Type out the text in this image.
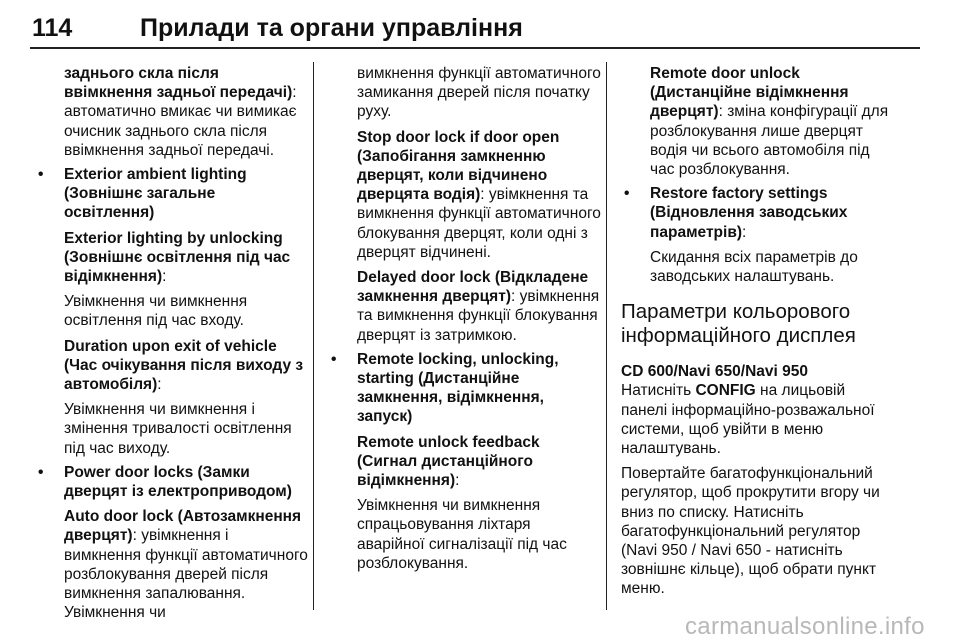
114	Прилади та органи управління
заднього скла після ввімкнення задньої передачі): автоматично вмикає чи вимикає очисник заднього скла після ввімкнення задньої передачі.
• Exterior ambient lighting (Зовнішнє загальне освітлення)
Exterior lighting by unlocking (Зовнішнє освітлення під час відімкнення):
Увімкнення чи вимкнення освітлення під час входу.
Duration upon exit of vehicle (Час очікування після виходу з автомобіля):
Увімкнення чи вимкнення і змінення тривалості освітлення під час виходу.
• Power door locks (Замки дверцят із електроприводом)
Auto door lock (Автозамкнення дверцят): увімкнення і вимкнення функції автоматичного розблокування дверей після вимкнення запалювання. Увімкнення чи
вимкнення функції автоматичного замикання дверей після початку руху.
Stop door lock if door open (Запобігання замкненню дверцят, коли відчинено дверцята водія): увімкнення та вимкнення функції автоматичного блокування дверцят, коли одні з дверцят відчинені.
Delayed door lock (Відкладене замкнення дверцят): увімкнення та вимкнення функції блокування дверцят із затримкою.
• Remote locking, unlocking, starting (Дистанційне замкнення, відімкнення, запуск)
Remote unlock feedback (Сигнал дистанційного відімкнення):
Увімкнення чи вимкнення спрацьовування ліхтаря аварійної сигналізації під час розблокування.
Remote door unlock (Дистанційне відімкнення дверцят): зміна конфігурації для розблокування лише дверцят водія чи всього автомобіля під час розблокування.
• Restore factory settings (Відновлення заводських параметрів):
Скидання всіх параметрів до заводських налаштувань.
Параметри кольорового інформаційного дисплея
CD 600/Navi 650/Navi 950
Натисніть CONFIG на лицьовій панелі інформаційно-розважальної системи, щоб увійти в меню налаштувань.
Повертайте багатофункціональний регулятор, щоб прокрутити вгору чи вниз по списку. Натисніть багатофункціональний регулятор (Navi 950 / Navi 650 - натисніть зовнішнє кільце), щоб обрати пункт меню.
carmanualsonline.info
